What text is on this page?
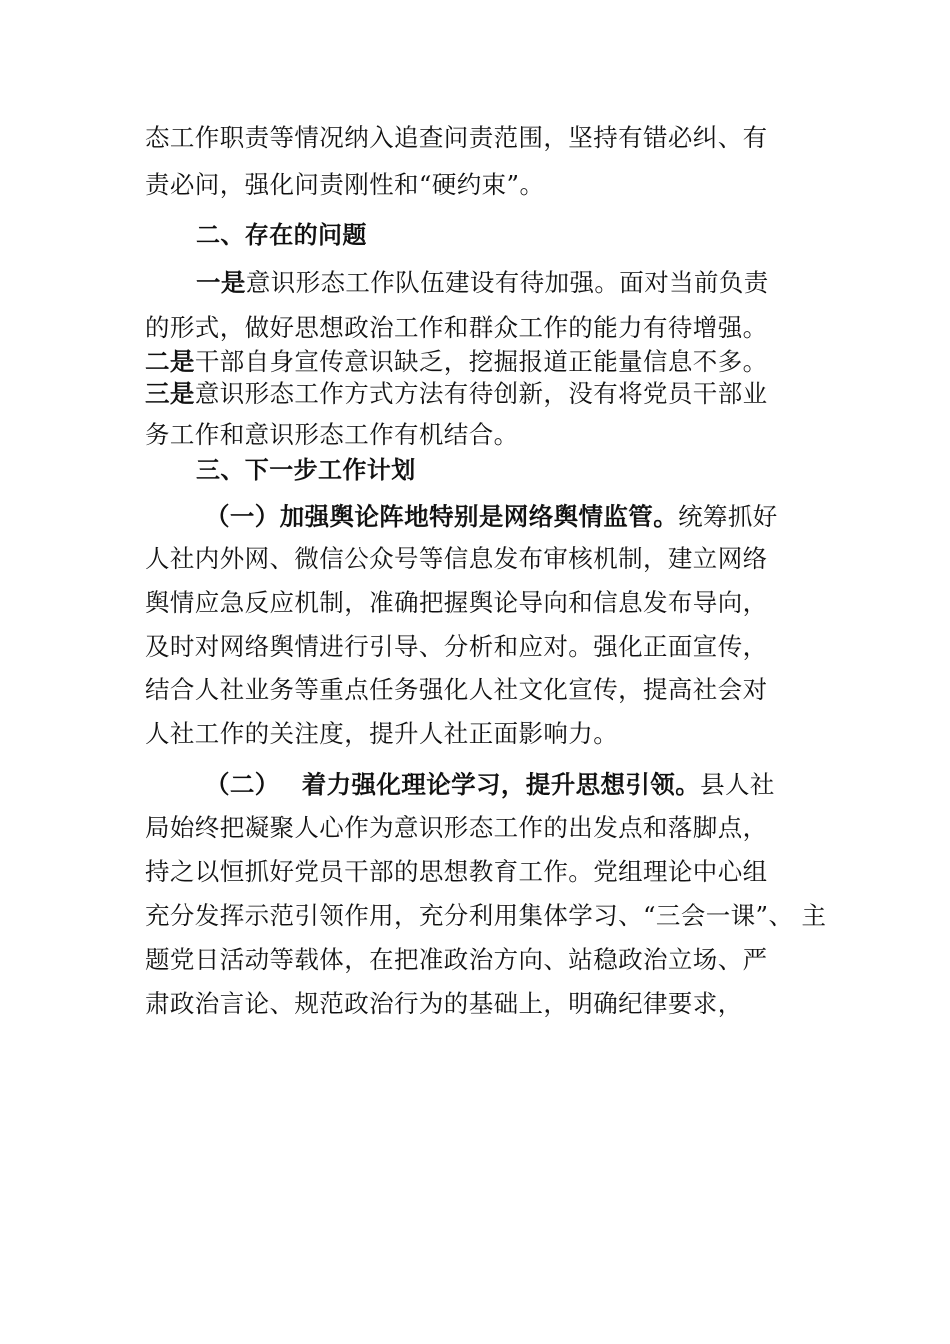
态工作职责等情况纳入追查问责范围，坚持有错必纠、有
责必问，强化问责刚性和“硬约束”。
二、存在的问题
一是意识形态工作队伍建设有待加强。面对当前负责
的形式，做好思想政治工作和群众工作的能力有待增强。
二是干部自身宣传意识缺乏，挖掘报道正能量信息不多。
三是意识形态工作方式方法有待创新，没有将党员干部业
务工作和意识形态工作有机结合。
三、下一步工作计划
（一）加强舆论阵地特别是网络舆情监管。统筹抓好
人社内外网、微信公众号等信息发布审核机制，建立网络
舆情应急反应机制，准确把握舆论导向和信息发布导向，
及时对网络舆情进行引导、分析和应对。强化正面宣传，
结合人社业务等重点任务强化人社文化宣传，提高社会对
人社工作的关注度，提升人社正面影响力。
（二） 着力强化理论学习，提升思想引领。县人社
局始终把凝聚人心作为意识形态工作的出发点和落脚点，
持之以恒抓好党员干部的思想教育工作。党组理论中心组
充分发挥示范引领作用，充分利用集体学习、“三会一课”、 主
题党日活动等载体，在把准政治方向、站稳政治立场、严
肃政治言论、规范政治行为的基础上，明确纪律要求，
